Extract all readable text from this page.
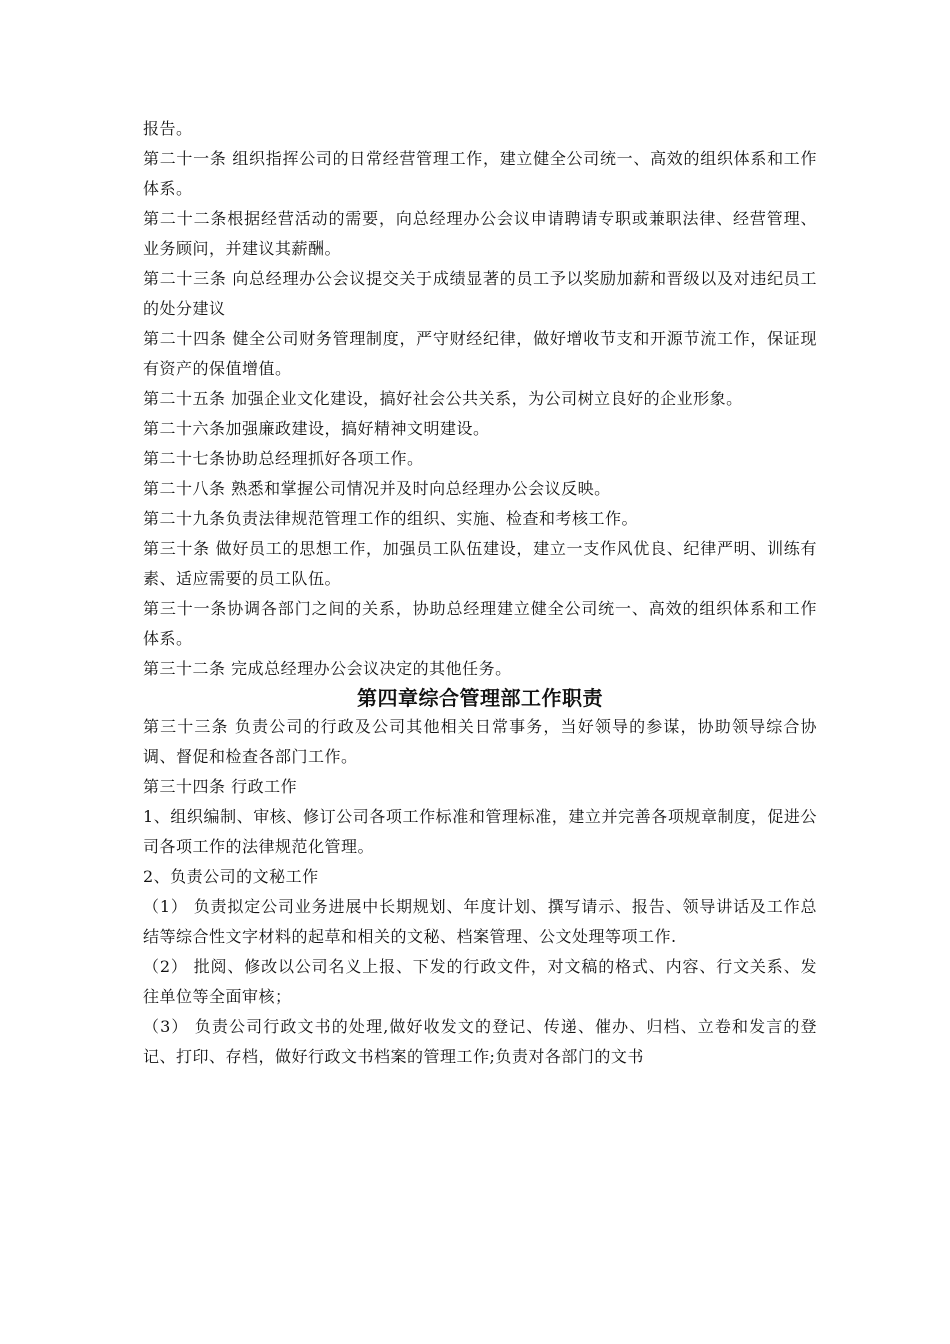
报告。

第二十一条 组织指挥公司的日常经营管理工作，建立健全公司统一、高效的组织体系和工作体系。

第二十二条根据经营活动的需要，向总经理办公会议申请聘请专职或兼职法律、经营管理、业务顾问，并建议其薪酬。

第二十三条 向总经理办公会议提交关于成绩显著的员工予以奖励加薪和晋级以及对违纪员工的处分建议

第二十四条 健全公司财务管理制度，严守财经纪律，做好增收节支和开源节流工作，保证现有资产的保值增值。

第二十五条 加强企业文化建设，搞好社会公共关系，为公司树立良好的企业形象。

第二十六条加强廉政建设，搞好精神文明建设。

第二十七条协助总经理抓好各项工作。

第二十八条 熟悉和掌握公司情况并及时向总经理办公会议反映。

第二十九条负责法律规范管理工作的组织、实施、检查和考核工作。

第三十条 做好员工的思想工作，加强员工队伍建设，建立一支作风优良、纪律严明、训练有素、适应需要的员工队伍。

第三十一条协调各部门之间的关系，协助总经理建立健全公司统一、高效的组织体系和工作体系。

第三十二条 完成总经理办公会议决定的其他任务。

第四章综合管理部工作职责

第三十三条 负责公司的行政及公司其他相关日常事务，当好领导的参谋，协助领导综合协调、督促和检查各部门工作。

第三十四条 行政工作

1、组织编制、审核、修订公司各项工作标准和管理标准，建立并完善各项规章制度，促进公司各项工作的法律规范化管理。

2、负责公司的文秘工作

（1） 负责拟定公司业务进展中长期规划、年度计划、撰写请示、报告、领导讲话及工作总结等综合性文字材料的起草和相关的文秘、档案管理、公文处理等项工作.

（2） 批阅、修改以公司名义上报、下发的行政文件，对文稿的格式、内容、行文关系、发往单位等全面审核；

（3） 负责公司行政文书的处理,做好收发文的登记、传递、催办、归档、立卷和发言的登记、打印、存档，做好行政文书档案的管理工作;负责对各部门的文书
